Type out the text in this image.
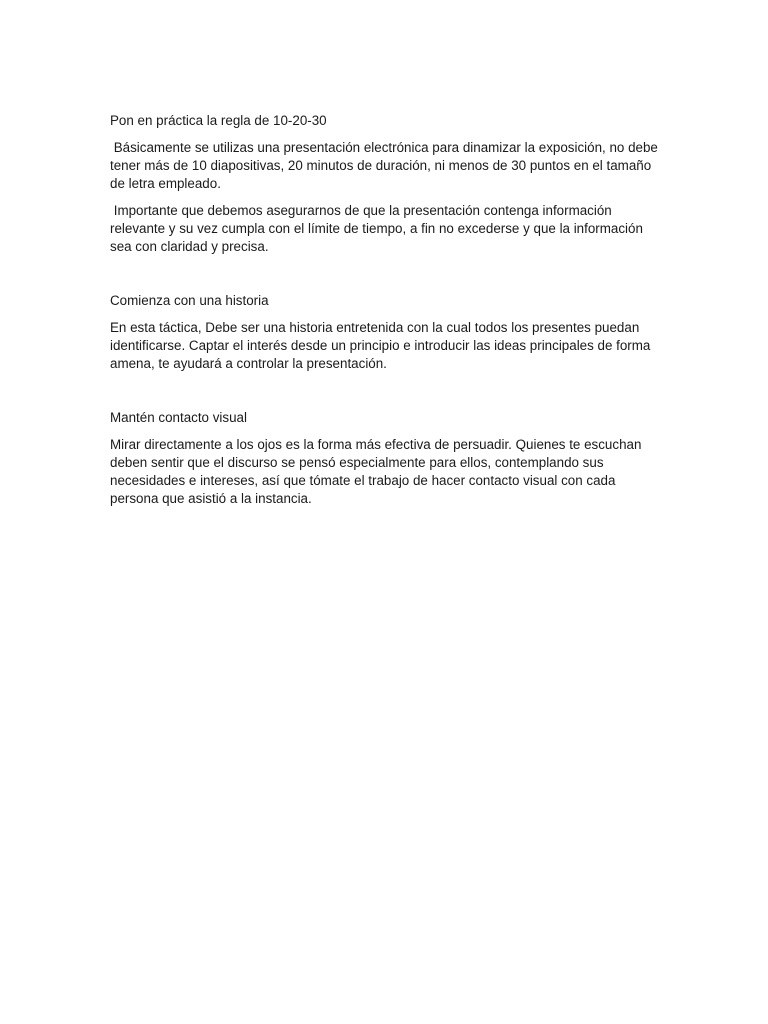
Pon en práctica la regla de 10-20-30

Básicamente se utilizas una presentación electrónica para dinamizar la exposición, no debe tener más de 10 diapositivas, 20 minutos de duración, ni menos de 30 puntos en el tamaño de letra empleado.

Importante que debemos asegurarnos de que la presentación contenga información relevante y su vez cumpla con el límite de tiempo, a fin no excederse y que la información sea con claridad y precisa.

Comienza con una historia

En esta táctica, Debe ser una historia entretenida con la cual todos los presentes puedan identificarse. Captar el interés desde un principio e introducir las ideas principales de forma amena, te ayudará a controlar la presentación.

Mantén contacto visual

Mirar directamente a los ojos es la forma más efectiva de persuadir. Quienes te escuchan deben sentir que el discurso se pensó especialmente para ellos, contemplando sus necesidades e intereses, así que tómate el trabajo de hacer contacto visual con cada persona que asistió a la instancia.
